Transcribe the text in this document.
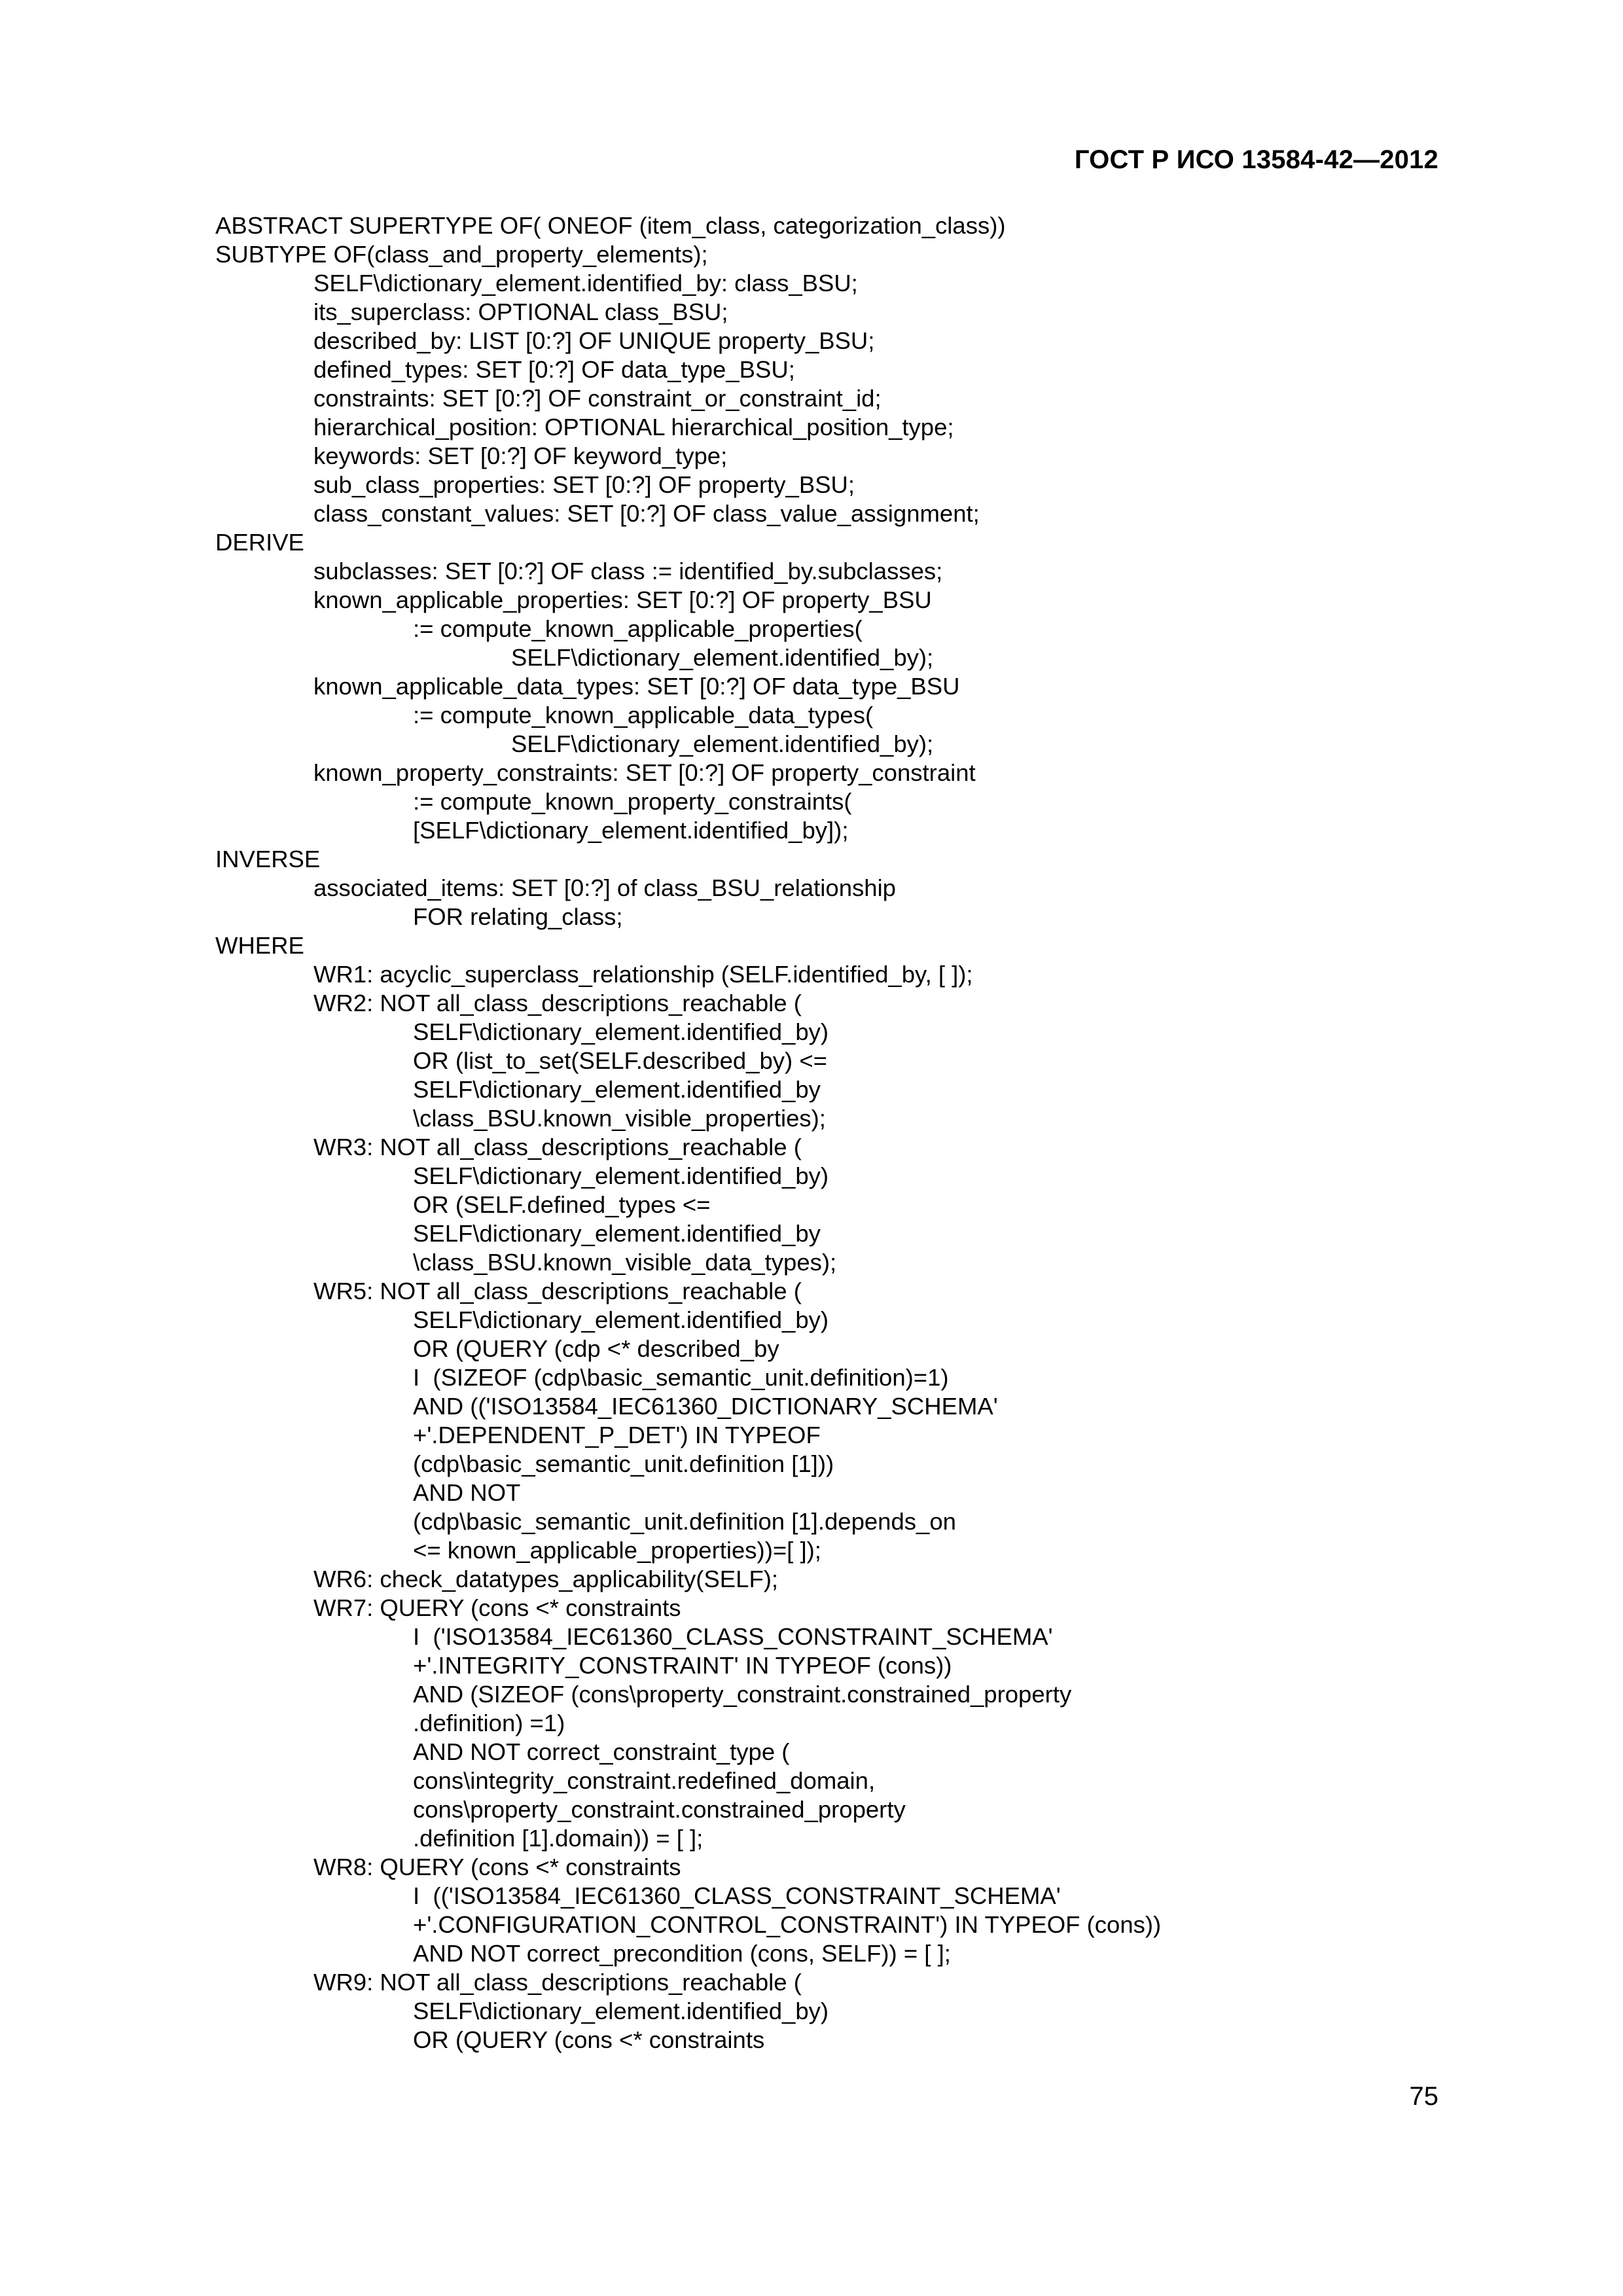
ГОСТ Р ИСО 13584-42—2012
ABSTRACT SUPERTYPE OF( ONEOF (item_class, categorization_class))
SUBTYPE OF(class_and_property_elements);
SELF\dictionary_element.identified_by: class_BSU;
its_superclass: OPTIONAL class_BSU;
described_by: LIST [0:?] OF UNIQUE property_BSU;
defined_types: SET [0:?] OF data_type_BSU;
constraints: SET [0:?] OF constraint_or_constraint_id;
hierarchical_position: OPTIONAL hierarchical_position_type;
keywords: SET [0:?] OF keyword_type;
sub_class_properties: SET [0:?] OF property_BSU;
class_constant_values: SET [0:?] OF class_value_assignment;
DERIVE
subclasses: SET [0:?] OF class := identified_by.subclasses;
known_applicable_properties: SET [0:?] OF property_BSU
:= compute_known_applicable_properties(
SELF\dictionary_element.identified_by);
known_applicable_data_types: SET [0:?] OF data_type_BSU
:= compute_known_applicable_data_types(
SELF\dictionary_element.identified_by);
known_property_constraints: SET [0:?] OF property_constraint
:= compute_known_property_constraints(
[SELF\dictionary_element.identified_by]);
INVERSE
associated_items: SET [0:?] of class_BSU_relationship
FOR relating_class;
WHERE
WR1: acyclic_superclass_relationship (SELF.identified_by, [ ]);
WR2: NOT all_class_descriptions_reachable (
SELF\dictionary_element.identified_by)
OR (list_to_set(SELF.described_by) <=
SELF\dictionary_element.identified_by
\class_BSU.known_visible_properties);
WR3: NOT all_class_descriptions_reachable (
SELF\dictionary_element.identified_by)
OR (SELF.defined_types <=
SELF\dictionary_element.identified_by
\class_BSU.known_visible_data_types);
WR5: NOT all_class_descriptions_reachable (
SELF\dictionary_element.identified_by)
OR (QUERY (cdp <* described_by
I  (SIZEOF (cdp\basic_semantic_unit.definition)=1)
AND (('ISO13584_IEC61360_DICTIONARY_SCHEMA'
+'.DEPENDENT_P_DET') IN TYPEOF
(cdp\basic_semantic_unit.definition [1]))
AND NOT
(cdp\basic_semantic_unit.definition [1].depends_on
<= known_applicable_properties))=[ ]);
WR6: check_datatypes_applicability(SELF);
WR7: QUERY (cons <* constraints
I  ('ISO13584_IEC61360_CLASS_CONSTRAINT_SCHEMA'
+'.INTEGRITY_CONSTRAINT' IN TYPEOF (cons))
AND (SIZEOF (cons\property_constraint.constrained_property
.definition) =1)
AND NOT correct_constraint_type (
cons\integrity_constraint.redefined_domain,
cons\property_constraint.constrained_property
.definition [1].domain)) = [ ];
WR8: QUERY (cons <* constraints
I  (('ISO13584_IEC61360_CLASS_CONSTRAINT_SCHEMA'
+'.CONFIGURATION_CONTROL_CONSTRAINT') IN TYPEOF (cons))
AND NOT correct_precondition (cons, SELF)) = [ ];
WR9: NOT all_class_descriptions_reachable (
SELF\dictionary_element.identified_by)
OR (QUERY (cons <* constraints
75
